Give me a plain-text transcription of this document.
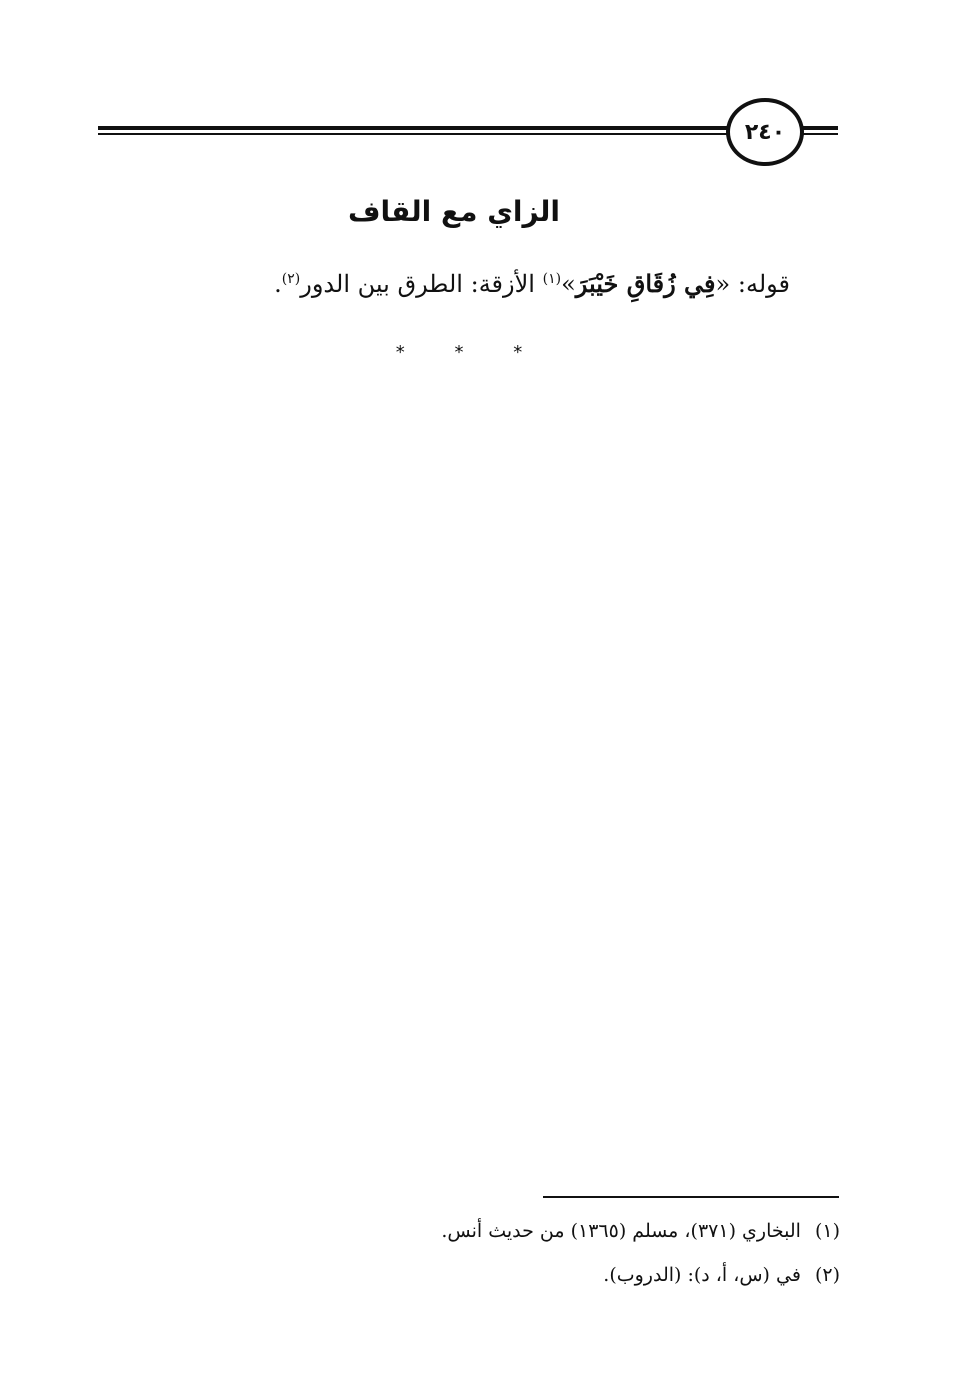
٢٤٠
الزاي مع القاف
قوله: «فِي زُقَاقِ خَيْبَرَ»$^{(١)}$ الأزقة: الطرق بين الدور$^{(٢)}$.
* * *
(١)البخاري (٣٧١)، مسلم (١٣٦٥) من حديث أنس.
(٢)في (س، أ، د): (الدروب).
